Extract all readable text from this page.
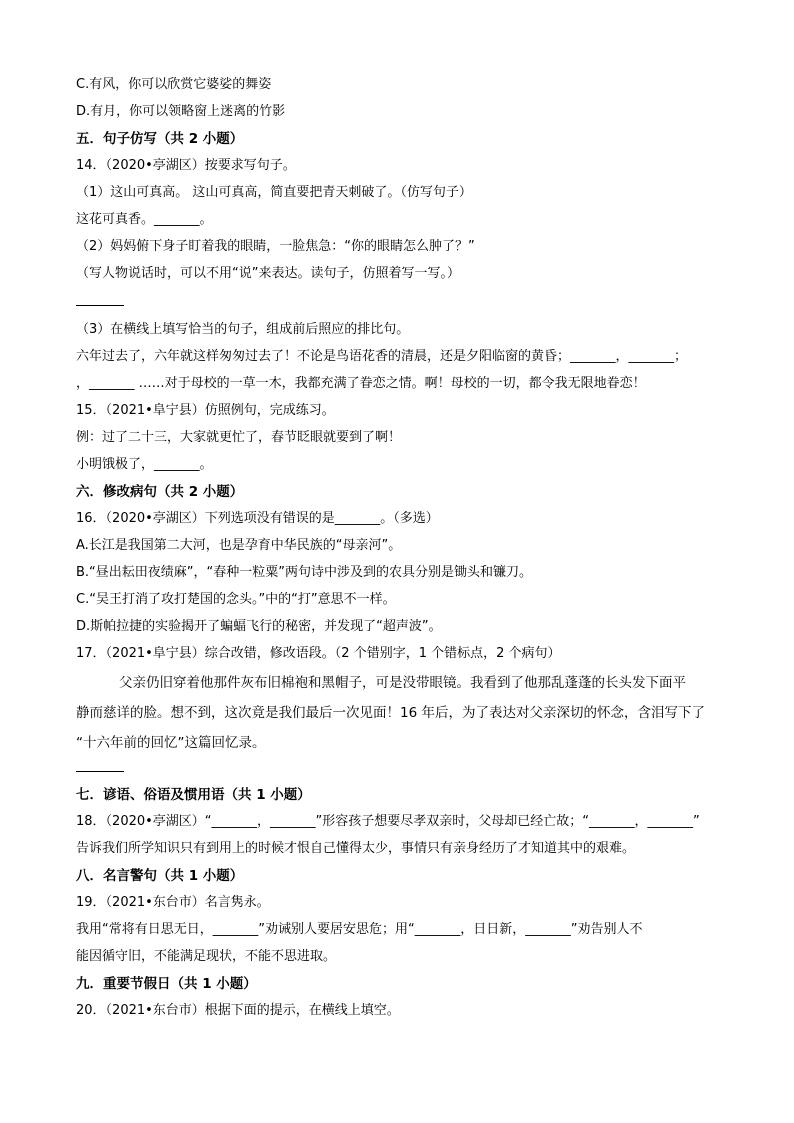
C.有风，你可以欣赏它婆娑的舞姿
D.有月，你可以领略窗上迷离的竹影
五．句子仿写（共 2 小题）
14．（2020•亭湖区）按要求写句子。
（1）这山可真高。 这山可真高，简直要把青天刺破了。（仿写句子）
这花可真香。_______。
（2）妈妈俯下身子盯着我的眼睛，一脸焦急：“你的眼睛怎么肿了？”
（写人物说话时，可以不用“说”来表达。读句子，仿照着写一写。）
（3）在横线上填写恰当的句子，组成前后照应的排比句。
六年过去了，六年就这样匆匆过去了！不论是鸟语花香的清晨，还是夕阳临窗的黄昏；_______，_______；
，_______ ……对于母校的一草一木，我都充满了眷恋之情。啊！母校的一切，都令我无限地眷恋！
15．（2021•阜宁县）仿照例句，完成练习。
例：过了二十三，大家就更忙了，春节眨眼就要到了啊！
小明饿极了，_______。
六．修改病句（共 2 小题）
16．（2020•亭湖区）下列选项没有错误的是_______。（多选）
A.长江是我国第二大河，也是孕育中华民族的“母亲河”。
B.“昼出耘田夜绩麻”，“春种一粒粟”两句诗中涉及到的农具分别是锄头和镰刀。
C.“吴王打消了攻打楚国的念头。”中的“打”意思不一样。
D.斯帕拉捷的实验揭开了蝙蝠飞行的秘密，并发现了“超声波”。
17．（2021•阜宁县）综合改错，修改语段。（2 个错别字，1 个错标点，2 个病句）
父亲仍旧穿着他那件灰布旧棉袍和黑帽子，可是没带眼镜。我看到了他那乱蓬蓬的长头发下面平
静而慈详的脸。想不到，这次竟是我们最后一次见面！16 年后，为了表达对父亲深切的怀念，含泪写下了
“十六年前的回忆”这篇回忆录。
七．谚语、俗语及惯用语（共 1 小题）
18．（2020•亭湖区）“_______，_______”形容孩子想要尽孝双亲时，父母却已经亡故；“_______，_______”
告诉我们所学知识只有到用上的时候才恨自己懂得太少，事情只有亲身经历了才知道其中的艰难。
八．名言警句（共 1 小题）
19．（2021•东台市）名言隽永。
我用“常将有日思无日，_______”劝诫别人要居安思危；用“_______，日日新，_______”劝告别人不
能因循守旧，不能满足现状，不能不思进取。
九．重要节假日（共 1 小题）
20．（2021•东台市）根据下面的提示，在横线上填空。
